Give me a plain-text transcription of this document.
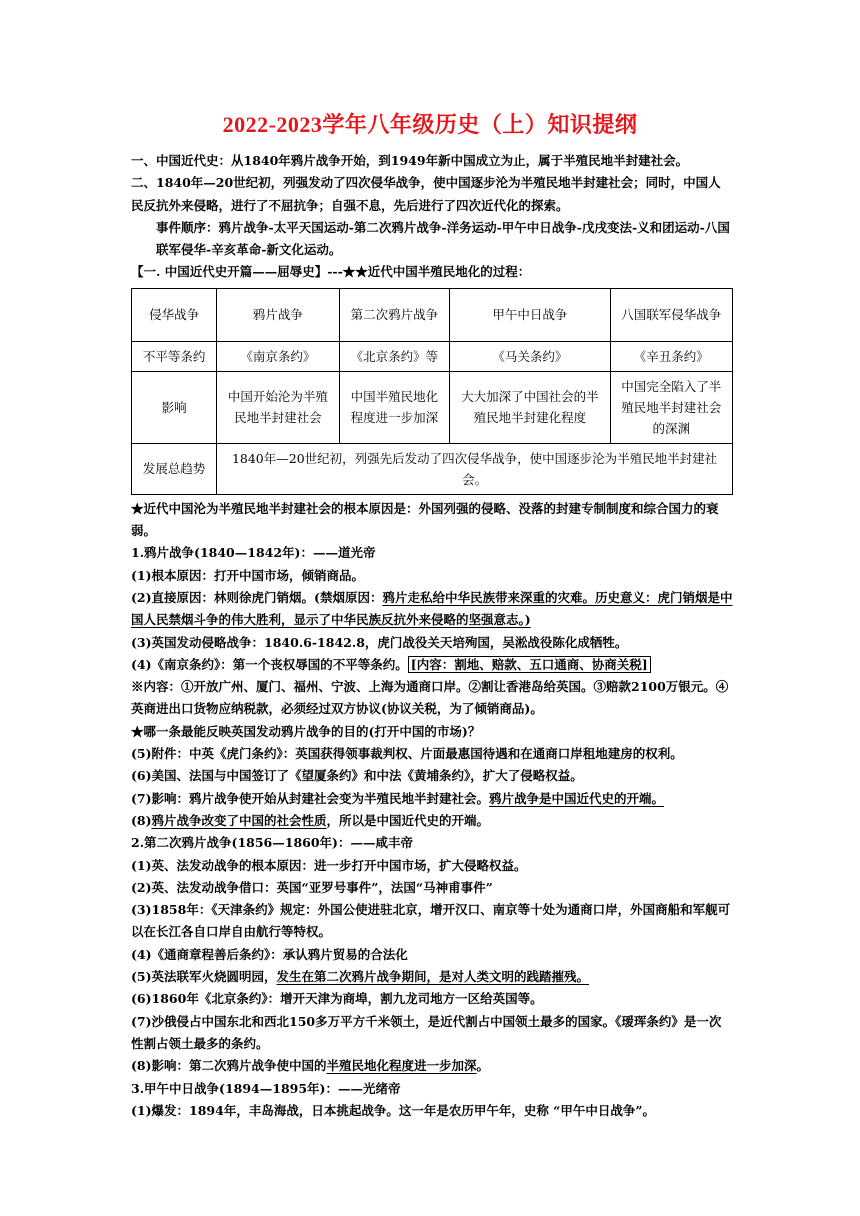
2022-2023学年八年级历史（上）知识提纲
一、中国近代史：从1840年鸦片战争开始，到1949年新中国成立为止，属于半殖民地半封建社会。
二、1840年—20世纪初，列强发动了四次侵华战争，使中国逐步沦为半殖民地半封建社会；同时，中国人民反抗外来侵略，进行了不屈抗争；自强不息，先后进行了四次近代化的探索。
事件顺序：鸦片战争-太平天国运动-第二次鸦片战争-洋务运动-甲午中日战争-戊戌变法-义和团运动-八国联军侵华-辛亥革命-新文化运动。
【一. 中国近代史开篇——屈辱史】---★★近代中国半殖民地化的过程：
侵华战争	鸦片战争	第二次鸦片战争	甲午中日战争	八国联军侵华战争
不平等条约	《南京条约》	《北京条约》等	《马关条约》	《辛丑条约》
影响	中国开始沦为半殖民地半封建社会	中国半殖民地化程度进一步加深	大大加深了中国社会的半殖民地半封建化程度	中国完全陷入了半殖民地半封建社会的深渊
发展总趋势	1840年—20世纪初，列强先后发动了四次侵华战争，使中国逐步沦为半殖民地半封建社会。			
★近代中国沦为半殖民地半封建社会的根本原因是：外国列强的侵略、没落的封建专制制度和综合国力的衰弱。
1.鸦片战争(1840—1842年)：——道光帝
(1)根本原因：打开中国市场，倾销商品。
(2)直接原因：林则徐虎门销烟。(禁烟原因：鸦片走私给中华民族带来深重的灾难。历史意义：虎门销烟是中国人民禁烟斗争的伟大胜利，显示了中华民族反抗外来侵略的坚强意志。)
(3)英国发动侵略战争：1840.6-1842.8，虎门战役关天培殉国，吴淞战役陈化成牺牲。
(4)《南京条约》：第一个丧权辱国的不平等条约。 [内容：割地、赔款、五口通商、协商关税]
※内容：①开放广州、厦门、福州、宁波、上海为通商口岸。②割让香港岛给英国。③赔款2100万银元。④英商进出口货物应纳税款，必须经过双方协议(协议关税，为了倾销商品)。
★哪一条最能反映英国发动鸦片战争的目的(打开中国的市场)？
(5)附件：中英《虎门条约》：英国获得领事裁判权、片面最惠国待遇和在通商口岸租地建房的权利。
(6)美国、法国与中国签订了《望厦条约》和中法《黄埔条约》，扩大了侵略权益。
(7)影响：鸦片战争使开始从封建社会变为半殖民地半封建社会。鸦片战争是中国近代史的开端。
(8)鸦片战争改变了中国的社会性质，所以是中国近代史的开端。
2.第二次鸦片战争(1856—1860年)：——咸丰帝
(1)英、法发动战争的根本原因：进一步打开中国市场，扩大侵略权益。
(2)英、法发动战争借口：英国“亚罗号事件”，法国“马神甫事件”
(3)1858年：《天津条约》规定：外国公使进驻北京，增开汉口、南京等十处为通商口岸，外国商船和军舰可以在长江各自口岸自由航行等特权。
(4)《通商章程善后条约》：承认鸦片贸易的合法化
(5)英法联军火烧圆明园，发生在第二次鸦片战争期间，是对人类文明的践踏摧残。
(6)1860年《北京条约》：增开天津为商埠，割九龙司地方一区给英国等。
(7)沙俄侵占中国东北和西北150多万平方千米领土，是近代割占中国领土最多的国家。《瑷珲条约》是一次性割占领土最多的条约。
(8)影响：第二次鸦片战争使中国的半殖民地化程度进一步加深。
3.甲午中日战争(1894—1895年)：——光绪帝
(1)爆发：1894年，丰岛海战，日本挑起战争。这一年是农历甲午年，史称 “甲午中日战争”。
